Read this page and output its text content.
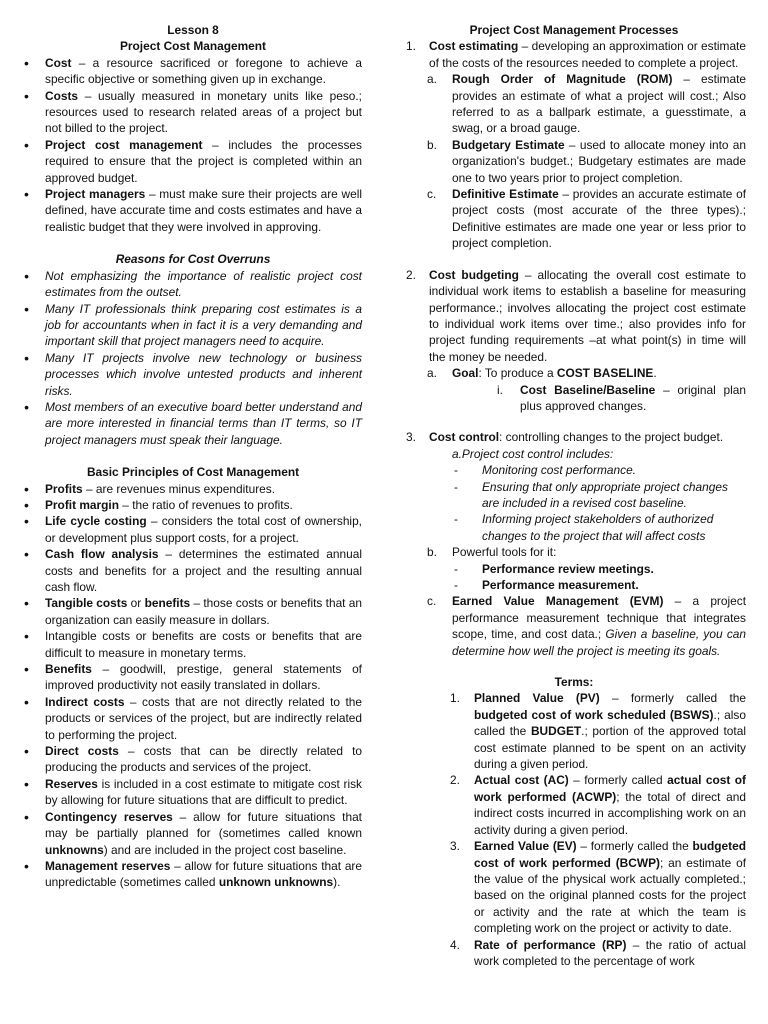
Lesson 8
Project Cost Management
• Cost – a resource sacrificed or foregone to achieve a specific objective or something given up in exchange.
• Costs – usually measured in monetary units like peso.; resources used to research related areas of a project but not billed to the project.
• Project cost management – includes the processes required to ensure that the project is completed within an approved budget.
• Project managers – must make sure their projects are well defined, have accurate time and costs estimates and have a realistic budget that they were involved in approving.
Reasons for Cost Overruns
• Not emphasizing the importance of realistic project cost estimates from the outset.
• Many IT professionals think preparing cost estimates is a job for accountants when in fact it is a very demanding and important skill that project managers need to acquire.
• Many IT projects involve new technology or business processes which involve untested products and inherent risks.
• Most members of an executive board better understand and are more interested in financial terms than IT terms, so IT project managers must speak their language.
Basic Principles of Cost Management
• Profits – are revenues minus expenditures.
• Profit margin – the ratio of revenues to profits.
• Life cycle costing – considers the total cost of ownership, or development plus support costs, for a project.
• Cash flow analysis – determines the estimated annual costs and benefits for a project and the resulting annual cash flow.
• Tangible costs or benefits – those costs or benefits that an organization can easily measure in dollars.
• Intangible costs or benefits are costs or benefits that are difficult to measure in monetary terms.
• Benefits – goodwill, prestige, general statements of improved productivity not easily translated in dollars.
• Indirect costs – costs that are not directly related to the products or services of the project, but are indirectly related to performing the project.
• Direct costs – costs that can be directly related to producing the products and services of the project.
• Reserves is included in a cost estimate to mitigate cost risk by allowing for future situations that are difficult to predict.
• Contingency reserves – allow for future situations that may be partially planned for (sometimes called known unknowns) and are included in the project cost baseline.
• Management reserves – allow for future situations that are unpredictable (sometimes called unknown unknowns).
Project Cost Management Processes
1. Cost estimating – developing an approximation or estimate of the costs of the resources needed to complete a project.
a. Rough Order of Magnitude (ROM) – estimate provides an estimate of what a project will cost.; Also referred to as a ballpark estimate, a guesstimate, a swag, or a broad gauge.
b. Budgetary Estimate – used to allocate money into an organization's budget.; Budgetary estimates are made one to two years prior to project completion.
c. Definitive Estimate – provides an accurate estimate of project costs (most accurate of the three types).; Definitive estimates are made one year or less prior to project completion.
2. Cost budgeting – allocating the overall cost estimate to individual work items to establish a baseline for measuring performance.; involves allocating the project cost estimate to individual work items over time.; also provides info for project funding requirements –at what point(s) in time will the money be needed.
a. Goal: To produce a COST BASELINE.
i. Cost Baseline/Baseline – original plan plus approved changes.
3. Cost control: controlling changes to the project budget.
a.Project cost control includes:
- Monitoring cost performance.
- Ensuring that only appropriate project changes are included in a revised cost baseline.
- Informing project stakeholders of authorized changes to the project that will affect costs
b. Powerful tools for it:
- Performance review meetings.
- Performance measurement.
c. Earned Value Management (EVM) – a project performance measurement technique that integrates scope, time, and cost data.; Given a baseline, you can determine how well the project is meeting its goals.
Terms:
1. Planned Value (PV) – formerly called the budgeted cost of work scheduled (BSWS).; also called the BUDGET.; portion of the approved total cost estimate planned to be spent on an activity during a given period.
2. Actual cost (AC) – formerly called actual cost of work performed (ACWP); the total of direct and indirect costs incurred in accomplishing work on an activity during a given period.
3. Earned Value (EV) – formerly called the budgeted cost of work performed (BCWP); an estimate of the value of the physical work actually completed.; based on the original planned costs for the project or activity and the rate at which the team is completing work on the project or activity to date.
4. Rate of performance (RP) – the ratio of actual work completed to the percentage of work
